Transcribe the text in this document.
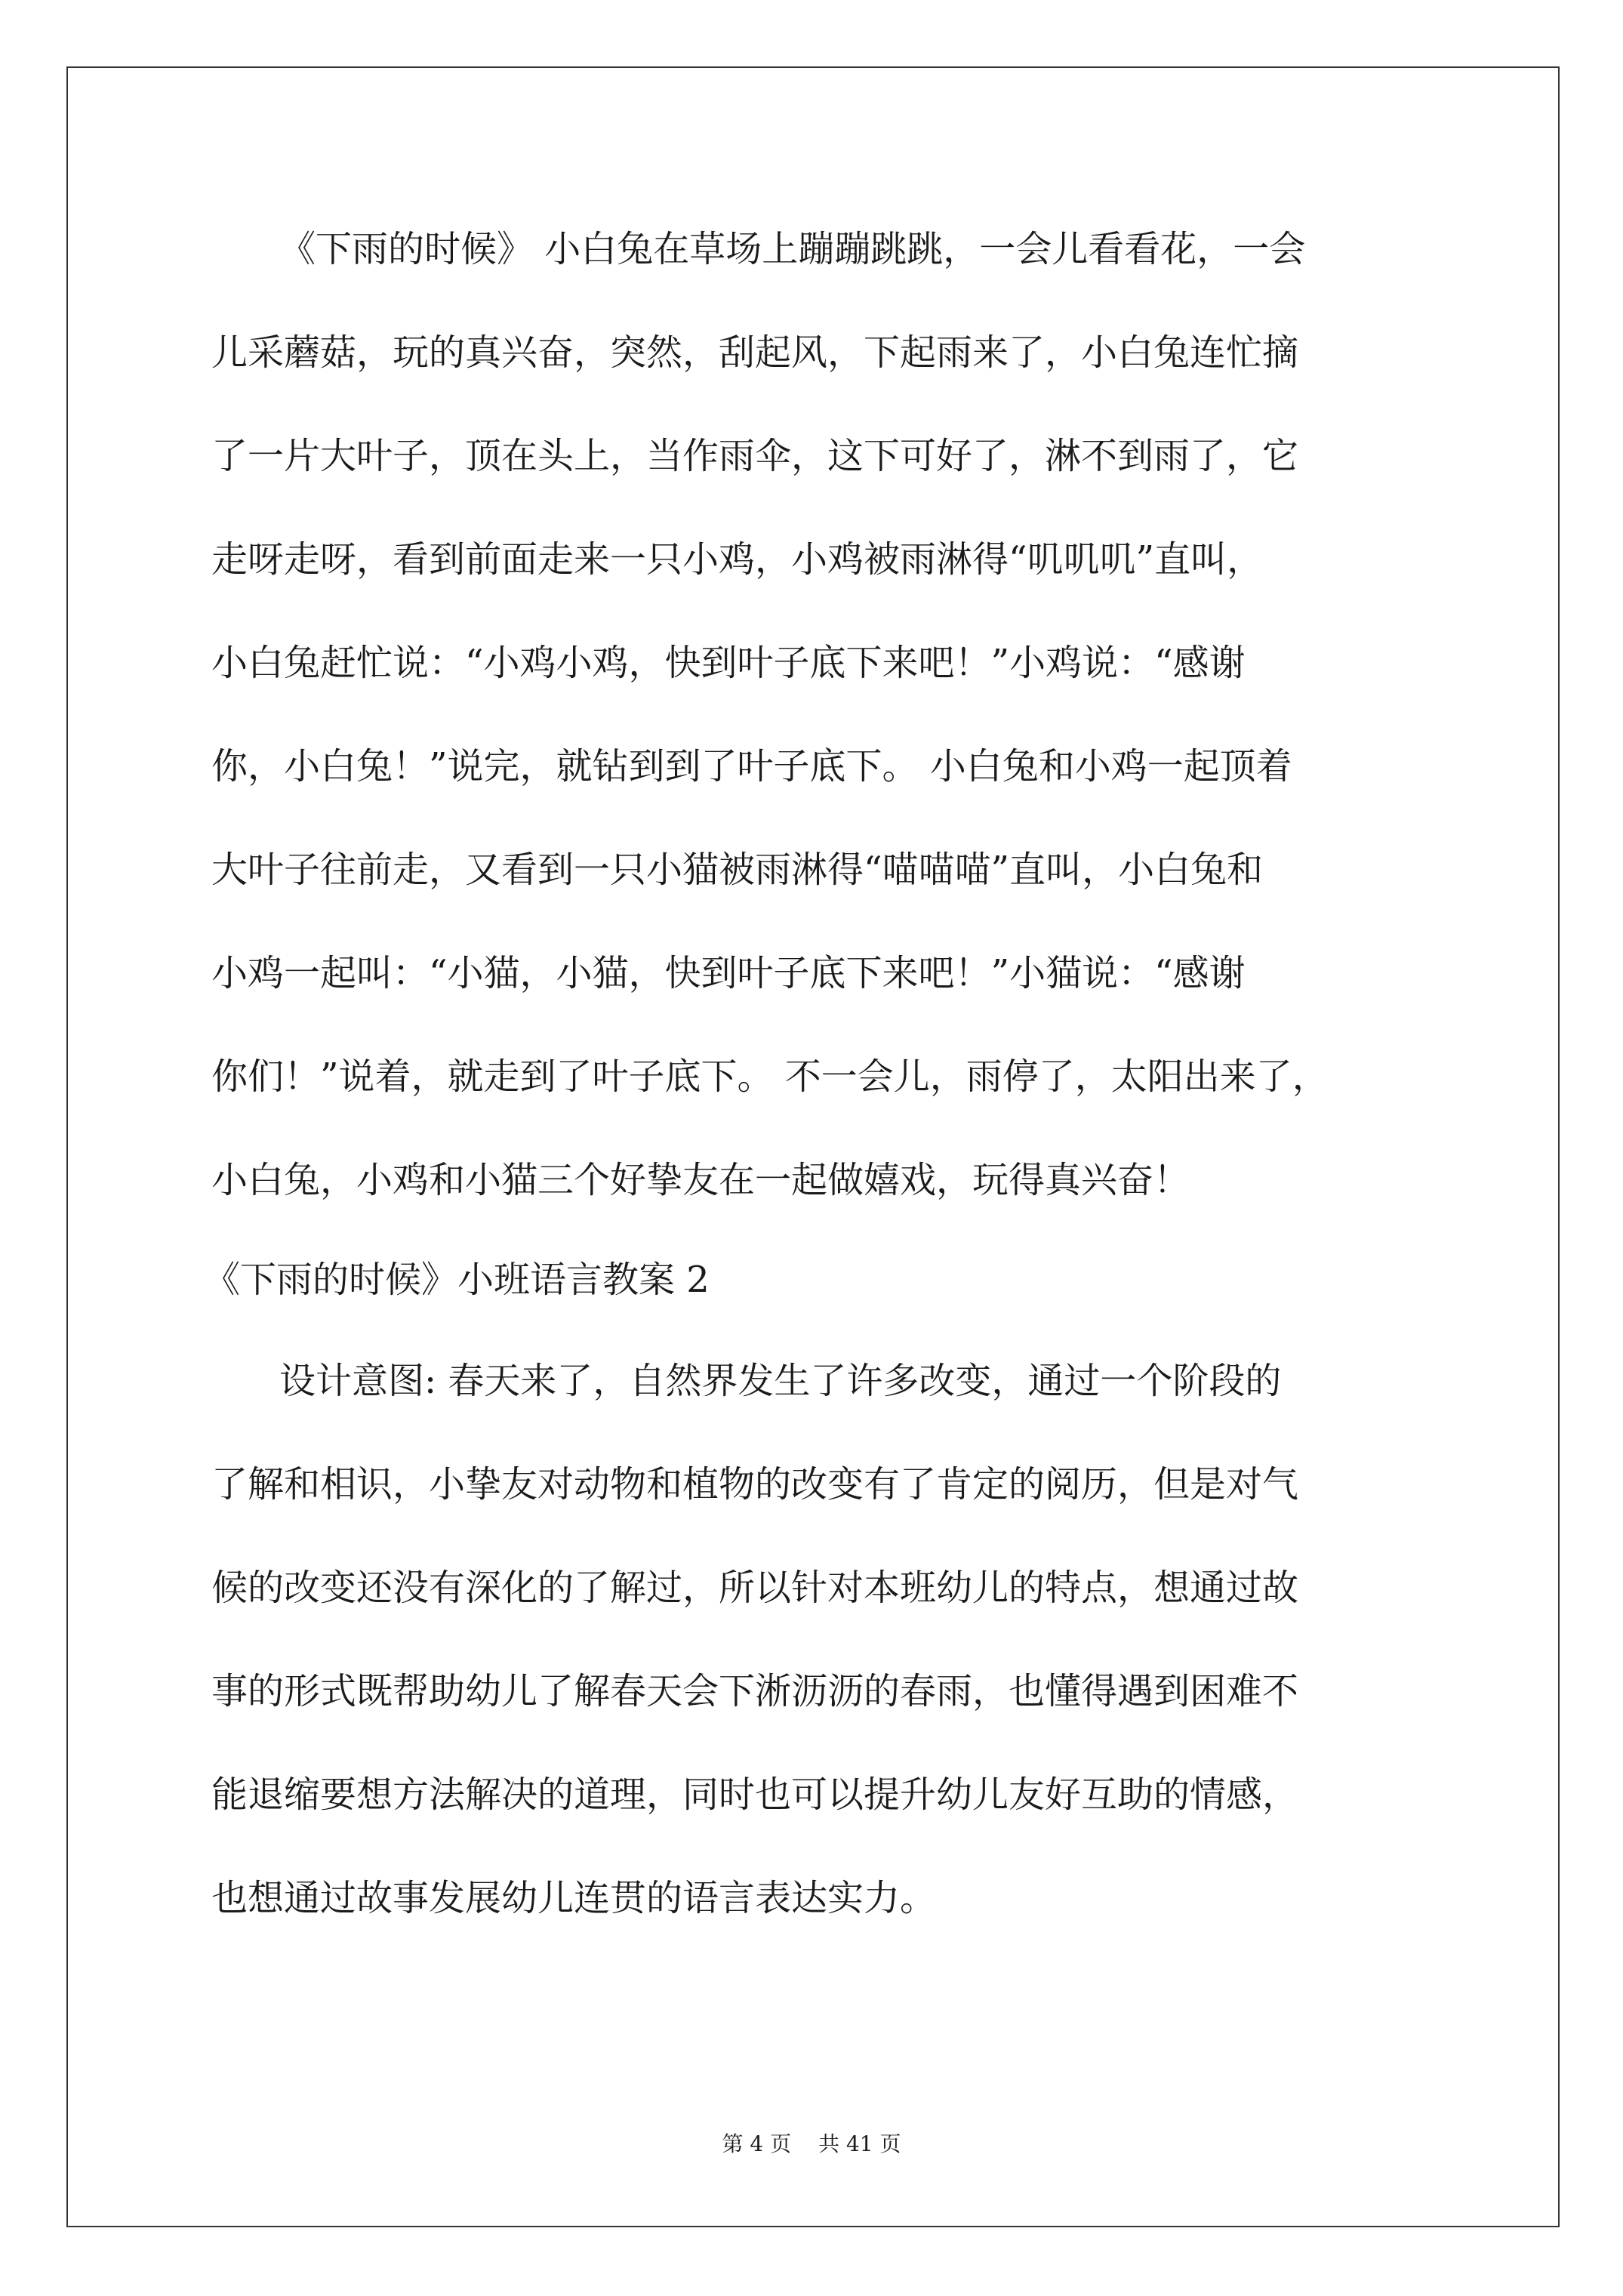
《下雨的时候》 小白兔在草场上蹦蹦跳跳，一会儿看看花，一会
儿采蘑菇，玩的真兴奋，突然，刮起风，下起雨来了，小白兔连忙摘
了一片大叶子，顶在头上，当作雨伞，这下可好了，淋不到雨了，它
走呀走呀，看到前面走来一只小鸡，小鸡被雨淋得“叽叽叽”直叫，
小白兔赶忙说：“小鸡小鸡，快到叶子底下来吧！”小鸡说：“感谢
你，小白兔！”说完，就钻到到了叶子底下。 小白兔和小鸡一起顶着
大叶子往前走，又看到一只小猫被雨淋得“喵喵喵”直叫，小白兔和
小鸡一起叫：“小猫，小猫，快到叶子底下来吧！”小猫说：“感谢
你们！”说着，就走到了叶子底下。 不一会儿，雨停了，太阳出来了，
小白兔，小鸡和小猫三个好挚友在一起做嬉戏，玩得真兴奋！
《下雨的时候》小班语言教案 2
设计意图: 春天来了，自然界发生了许多改变，通过一个阶段的
了解和相识，小挚友对动物和植物的改变有了肯定的阅历，但是对气
候的改变还没有深化的了解过，所以针对本班幼儿的特点，想通过故
事的形式既帮助幼儿了解春天会下淅沥沥的春雨，也懂得遇到困难不
能退缩要想方法解决的道理，同时也可以提升幼儿友好互助的情感，
也想通过故事发展幼儿连贯的语言表达实力。
第 4 页 共 41 页
